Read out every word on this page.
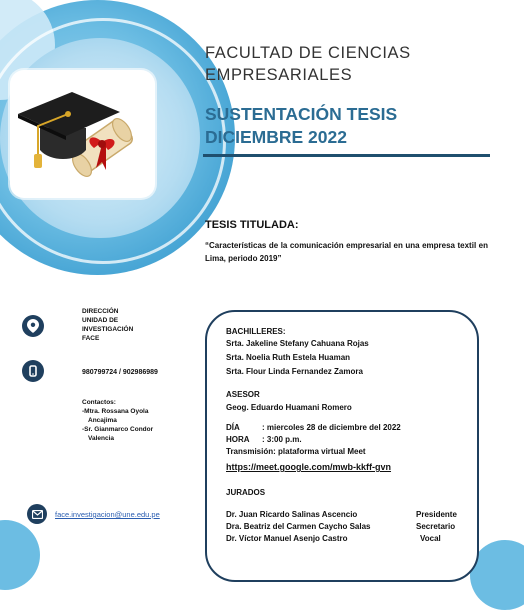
FACULTAD DE CIENCIAS
EMPRESARIALES
SUSTENTACIÓN TESIS
DICIEMBRE 2022
TESIS TITULADA:
“Características de la comunicación empresarial en una empresa textil en Lima, periodo 2019”
DIRECCIÓN
UNIDAD DE
INVESTIGACIÓN
FACE
980799724 / 902986989
Contactos:
-Mtra. Rossana Oyola
Ancajima
-Sr. Gianmarco Condor
Valencia
face.investigacion@une.edu.pe
BACHILLERES:
Srta. Jakeline Stefany Cahuana Rojas
Srta. Noelia Ruth Estela Huaman
Srta. Flour Linda Fernandez Zamora
ASESOR
Geog. Eduardo Huamani Romero
DÍA	: miercoles 28 de diciembre del 2022
HORA : 3:00 p.m.
Transmisión: plataforma virtual Meet
https://meet.google.com/mwb-kkff-gvn
JURADOS
Dr. Juan Ricardo Salinas Ascencio	Presidente
Dra. Beatriz del Carmen Caycho Salas	Secretario
Dr. Víctor Manuel Asenjo Castro	Vocal
